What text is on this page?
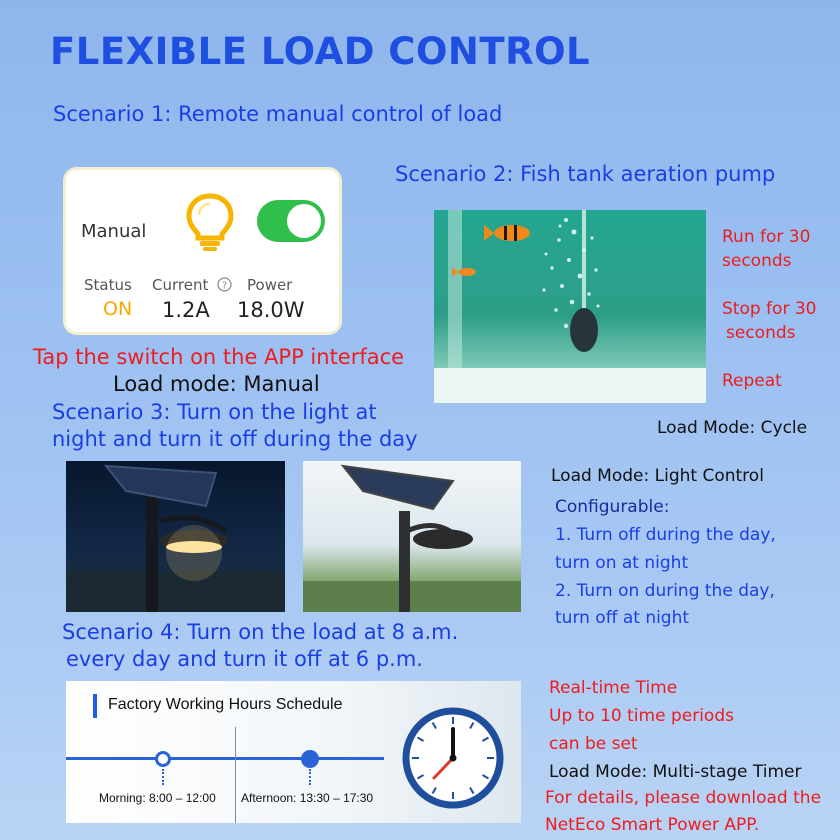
FLEXIBLE LOAD CONTROL
Scenario 1: Remote manual control of load
Manual
Status Current ? Power
ON 1.2A 18.0W
Tap the switch on the APP interface
Load mode: Manual
Scenario 2: Fish tank aeration pump
Run for 30
seconds
Stop for 30
seconds
Repeat
Load Mode: Cycle
Scenario 3: Turn on the light at
night and turn it off during the day
Load Mode: Light Control
Configurable:
1. Turn off during the day,
turn on at night
2. Turn on during the day,
turn off at night
Scenario 4: Turn on the load at 8 a.m.
every day and turn it off at 6 p.m.
Factory Working Hours Schedule
Morning: 8:00 – 12:00 Afternoon: 13:30 – 17:30
Real-time Time
Up to 10 time periods
can be set
Load Mode: Multi-stage Timer
For details, please download the
NetEco Smart Power APP.
